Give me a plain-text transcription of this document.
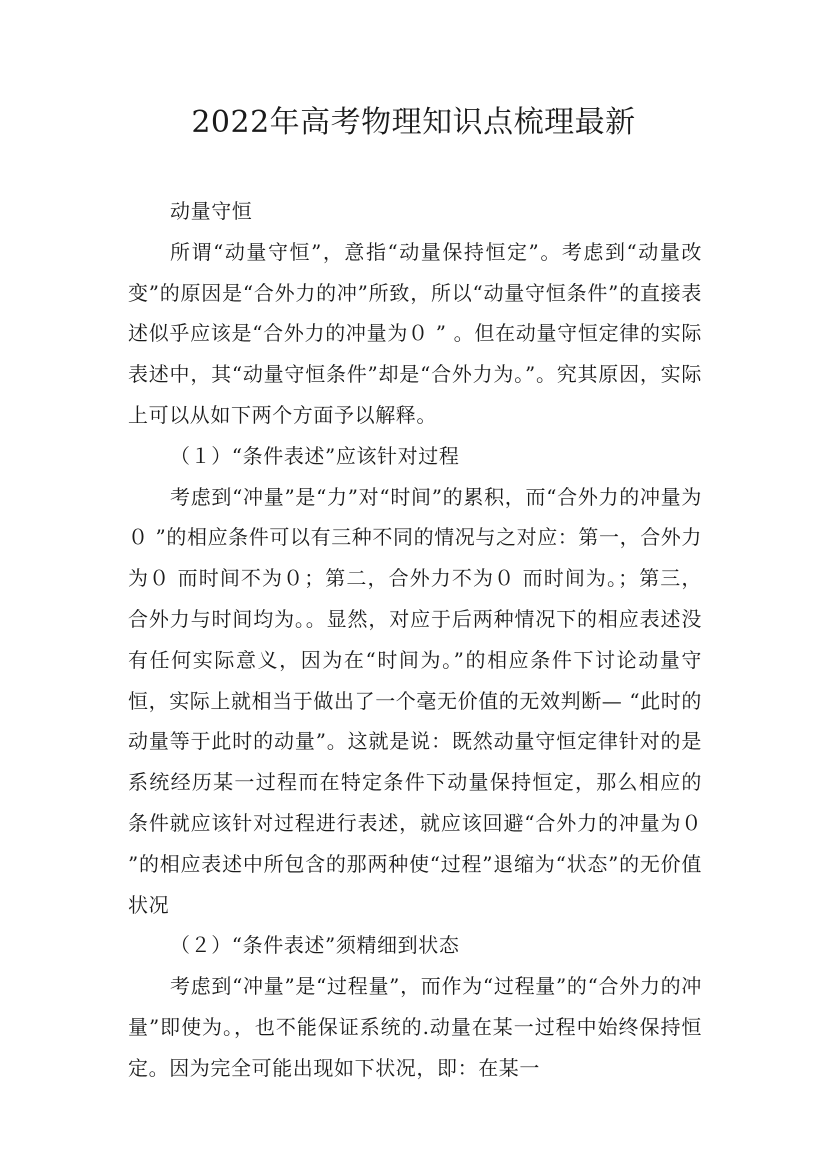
2022年高考物理知识点梳理最新

动量守恒

所谓“动量守恒”，意指“动量保持恒定”。考虑到“动量改变”的原因是“合外力的冲”所致，所以“动量守恒条件”的直接表述似乎应该是“合外力的冲量为０ ” 。但在动量守恒定律的实际表述中，其“动量守恒条件”却是“合外力为。”。究其原因，实际上可以从如下两个方面予以解释。

（１）“条件表述”应该针对过程

考虑到“冲量”是“力”对“时间”的累积，而“合外力的冲量为０ ”的相应条件可以有三种不同的情况与之对应：第一，合外力为０ 而时间不为０；第二，合外力不为０ 而时间为。；第三，合外力与时间均为。。显然，对应于后两种情况下的相应表述没有任何实际意义，因为在“时间为。”的相应条件下讨论动量守恒，实际上就相当于做出了一个毫无价值的无效判断— “此时的动量等于此时的动量”。这就是说：既然动量守恒定律针对的是系统经历某一过程而在特定条件下动量保持恒定，那么相应的条件就应该针对过程进行表述，就应该回避“合外力的冲量为０ ”的相应表述中所包含的那两种使“过程”退缩为“状态”的无价值状况

（２）“条件表述”须精细到状态

考虑到“冲量”是“过程量”，而作为“过程量”的“合外力的冲量”即使为。，也不能保证系统的.动量在某一过程中始终保持恒定。因为完全可能出现如下状况，即：在某一
